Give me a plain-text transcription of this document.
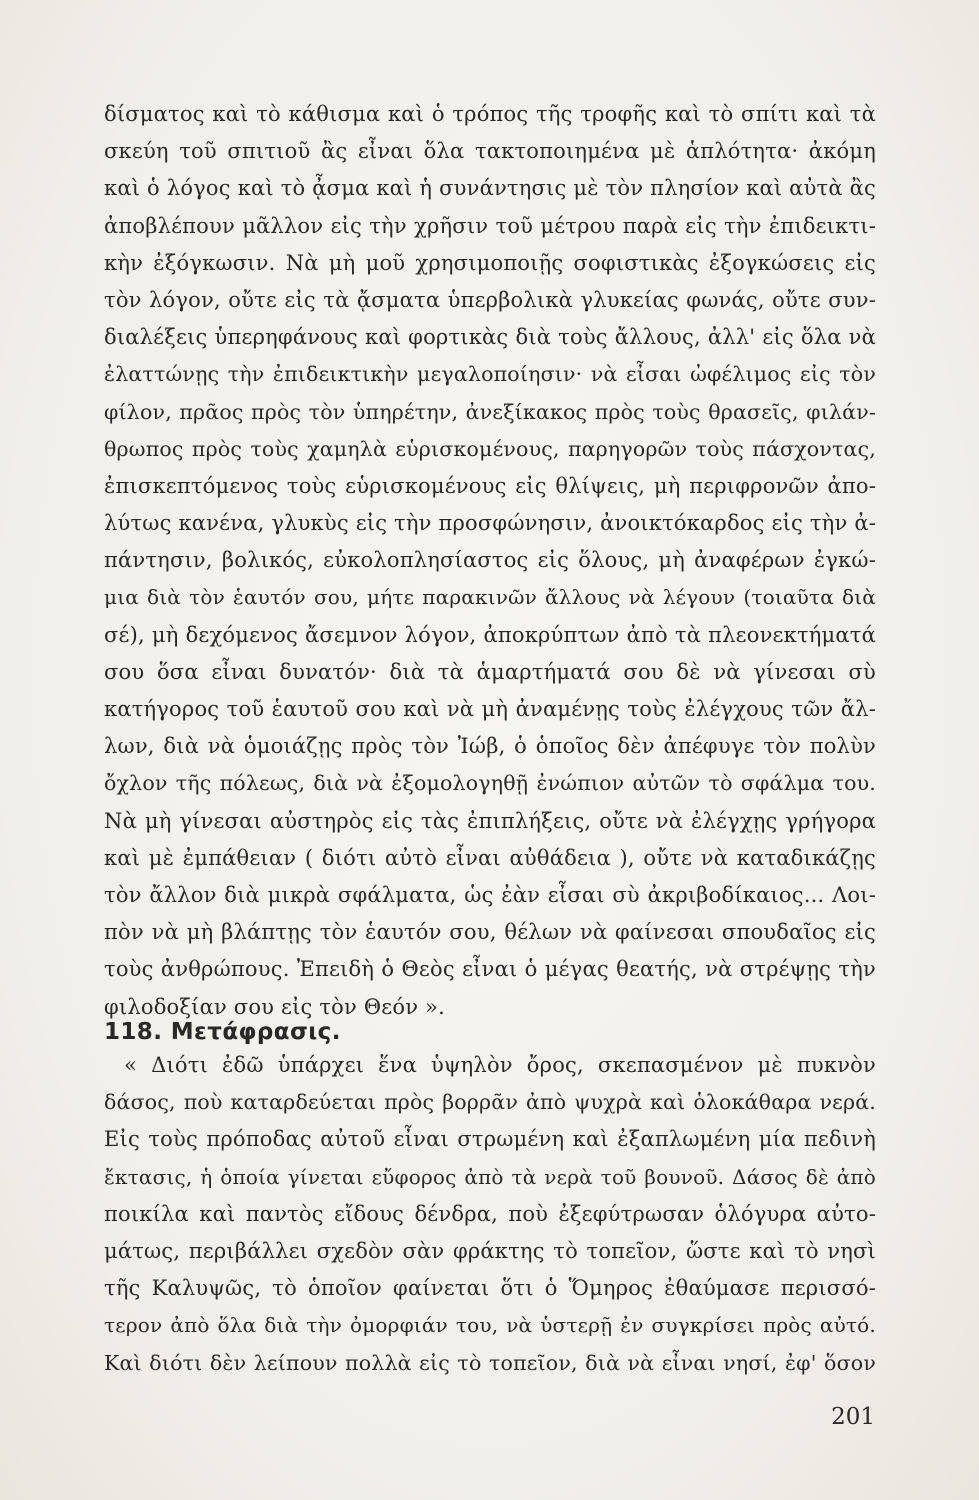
δίσματος καὶ τὸ κάθισμα καὶ ὁ τρόπος τῆς τροφῆς καὶ τὸ σπίτι καὶ τὰ
σκεύη τοῦ σπιτιοῦ ἂς εἶναι ὅλα τακτοποιημένα μὲ ἁπλότητα· ἀκόμη
καὶ ὁ λόγος καὶ τὸ ᾆσμα καὶ ἡ συνάντησις μὲ τὸν πλησίον καὶ αὐτὰ ἂς
ἀποβλέπουν μᾶλλον εἰς τὴν χρῆσιν τοῦ μέτρου παρὰ εἰς τὴν ἐπιδεικτι-
κὴν ἐξόγκωσιν. Νὰ μὴ μοῦ χρησιμοποιῇς σοφιστικὰς ἐξογκώσεις εἰς
τὸν λόγον, οὔτε εἰς τὰ ᾄσματα ὑπερβολικὰ γλυκείας φωνάς, οὔτε συν-
διαλέξεις ὑπερηφάνους καὶ φορτικὰς διὰ τοὺς ἄλλους, ἀλλ' εἰς ὅλα νὰ
ἐλαττώνῃς τὴν ἐπιδεικτικὴν μεγαλοποίησιν· νὰ εἶσαι ὠφέλιμος εἰς τὸν
φίλον, πρᾶος πρὸς τὸν ὑπηρέτην, ἀνεξίκακος πρὸς τοὺς θρασεῖς, φιλάν-
θρωπος πρὸς τοὺς χαμηλὰ εὑρισκομένους, παρηγορῶν τοὺς πάσχοντας,
ἐπισκεπτόμενος τοὺς εὑρισκομένους εἰς θλίψεις, μὴ περιφρονῶν ἀπο-
λύτως κανένα, γλυκὺς εἰς τὴν προσφώνησιν, ἀνοικτόκαρδος εἰς τὴν ἀ-
πάντησιν, βολικός, εὐκολοπλησίαστος εἰς ὅλους, μὴ ἀναφέρων ἐγκώ-
μια διὰ τὸν ἑαυτόν σου, μήτε παρακινῶν ἄλλους νὰ λέγουν (τοιαῦτα διὰ
σέ), μὴ δεχόμενος ἄσεμνον λόγον, ἀποκρύπτων ἀπὸ τὰ πλεονεκτήματά
σου ὅσα εἶναι δυνατόν· διὰ τὰ ἁμαρτήματά σου δὲ νὰ γίνεσαι σὺ
κατήγορος τοῦ ἑαυτοῦ σου καὶ νὰ μὴ ἀναμένῃς τοὺς ἐλέγχους τῶν ἄλ-
λων, διὰ νὰ ὁμοιάζῃς πρὸς τὸν Ἰώβ, ὁ ὁποῖος δὲν ἀπέφυγε τὸν πολὺν
ὄχλον τῆς πόλεως, διὰ νὰ ἐξομολογηθῇ ἐνώπιον αὐτῶν τὸ σφάλμα του.
Νὰ μὴ γίνεσαι αὐστηρὸς εἰς τὰς ἐπιπλήξεις, οὔτε νὰ ἐλέγχῃς γρήγορα
καὶ μὲ ἐμπάθειαν ( διότι αὐτὸ εἶναι αὐθάδεια ), οὔτε νὰ καταδικάζῃς
τὸν ἄλλον διὰ μικρὰ σφάλματα, ὡς ἐὰν εἶσαι σὺ ἀκριβοδίκαιος... Λοι-
πὸν νὰ μὴ βλάπτῃς τὸν ἑαυτόν σου, θέλων νὰ φαίνεσαι σπουδαῖος εἰς
τοὺς ἀνθρώπους. Ἐπειδὴ ὁ Θεὸς εἶναι ὁ μέγας θεατής, νὰ στρέψῃς τὴν
φιλοδοξίαν σου εἰς τὸν Θεόν ».
118. Μετάφρασις.
« Διότι ἐδῶ ὑπάρχει ἕνα ὑψηλὸν ὄρος, σκεπασμένον μὲ πυκνὸν
δάσος, ποὺ καταρδεύεται πρὸς βορρᾶν ἀπὸ ψυχρὰ καὶ ὁλοκάθαρα νερά.
Εἰς τοὺς πρόποδας αὐτοῦ εἶναι στρωμένη καὶ ἐξαπλωμένη μία πεδινὴ
ἔκτασις, ἡ ὁποία γίνεται εὔφορος ἀπὸ τὰ νερὰ τοῦ βουνοῦ. Δάσος δὲ ἀπὸ
ποικίλα καὶ παντὸς εἴδους δένδρα, ποὺ ἐξεφύτρωσαν ὁλόγυρα αὐτο-
μάτως, περιβάλλει σχεδὸν σὰν φράκτης τὸ τοπεῖον, ὥστε καὶ τὸ νησὶ
τῆς Καλυψῶς, τὸ ὁποῖον φαίνεται ὅτι ὁ Ὅμηρος ἐθαύμασε περισσό-
τερον ἀπὸ ὅλα διὰ τὴν ὀμορφιάν του, νὰ ὑστερῇ ἐν συγκρίσει πρὸς αὐτό.
Καὶ διότι δὲν λείπουν πολλὰ εἰς τὸ τοπεῖον, διὰ νὰ εἶναι νησί, ἐφ' ὅσον
201
